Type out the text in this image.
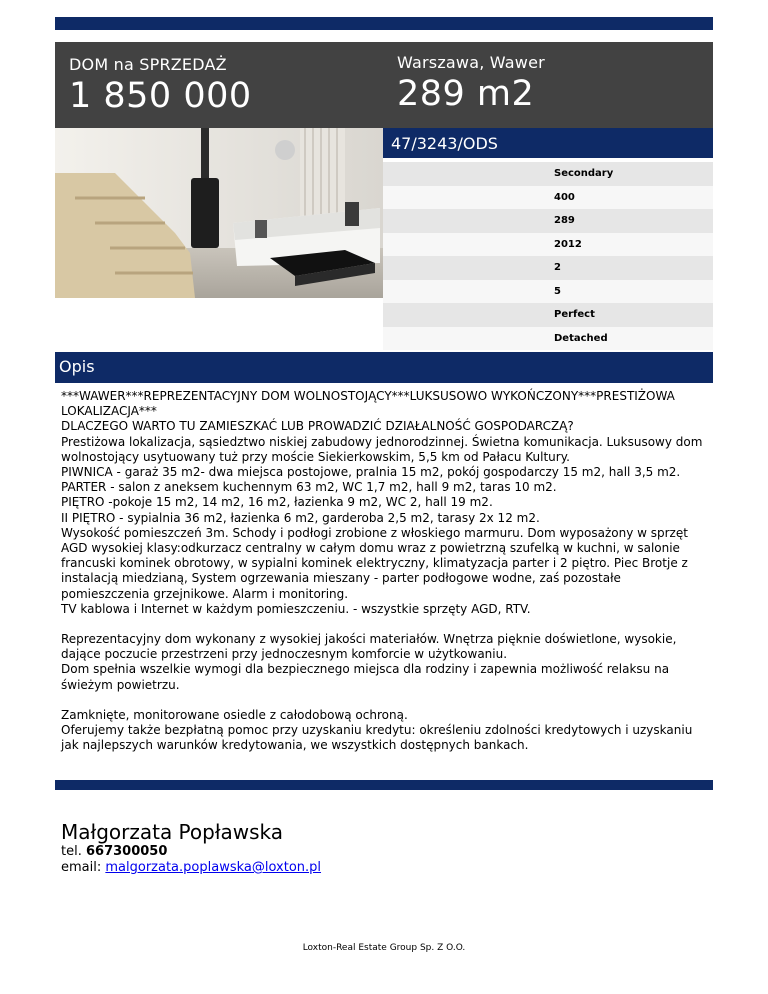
DOM na SPRZEDAŻ
1 850 000
Warszawa, Wawer
289 m2
47/3243/ODS
Secondary
400
289
2012
2
5
Perfect
Detached
Opis

***WAWER***REPREZENTACYJNY DOM WOLNOSTOJĄCY***LUKSUSOWO WYKOŃCZONY***PRESTIŻOWA LOKALIZACJA***
DLACZEGO WARTO TU ZAMIESZKAĆ LUB PROWADZIĆ DZIAŁALNOŚĆ GOSPODARCZĄ?
Prestiżowa lokalizacja, sąsiedztwo niskiej zabudowy jednorodzinnej. Świetna komunikacja. Luksusowy dom wolnostojący usytuowany tuż przy moście Siekierkowskim, 5,5 km od Pałacu Kultury.
PIWNICA - garaż 35 m2- dwa miejsca postojowe, pralnia 15 m2, pokój gospodarczy 15 m2, hall 3,5 m2.
PARTER - salon z aneksem kuchennym 63 m2, WC 1,7 m2, hall 9 m2, taras 10 m2.
PIĘTRO -pokoje 15 m2, 14 m2, 16 m2, łazienka 9 m2, WC 2, hall 19 m2.
II PIĘTRO - sypialnia 36 m2, łazienka 6 m2, garderoba 2,5 m2, tarasy 2x 12 m2.
Wysokość pomieszczeń 3m. Schody i podłogi zrobione z włoskiego marmuru. Dom wyposażony w sprzęt AGD wysokiej klasy:odkurzacz centralny w całym domu wraz z powietrzną szufelką w kuchni, w salonie francuski kominek obrotowy, w sypialni kominek elektryczny, klimatyzacja parter i 2 piętro. Piec Brotje z instalacją miedzianą, System ogrzewania mieszany - parter podłogowe wodne, zaś pozostałe pomieszczenia grzejnikowe. Alarm i monitoring.
TV kablowa i Internet w każdym pomieszczeniu. - wszystkie sprzęty AGD, RTV.

Reprezentacyjny dom wykonany z wysokiej jakości materiałów. Wnętrza pięknie doświetlone, wysokie, dające poczucie przestrzeni przy jednoczesnym komforcie w użytkowaniu.
Dom spełnia wszelkie wymogi dla bezpiecznego miejsca dla rodziny i zapewnia możliwość relaksu na świeżym powietrzu.

Zamknięte, monitorowane osiedle z całodobową ochroną.
Oferujemy także bezpłatną pomoc przy uzyskaniu kredytu: określeniu zdolności kredytowych i uzyskaniu jak najlepszych warunków kredytowania, we wszystkich dostępnych bankach.

Małgorzata Popławska
tel. 667300050
email: malgorzata.poplawska@loxton.pl
Loxton-Real Estate Group Sp. Z O.O.
